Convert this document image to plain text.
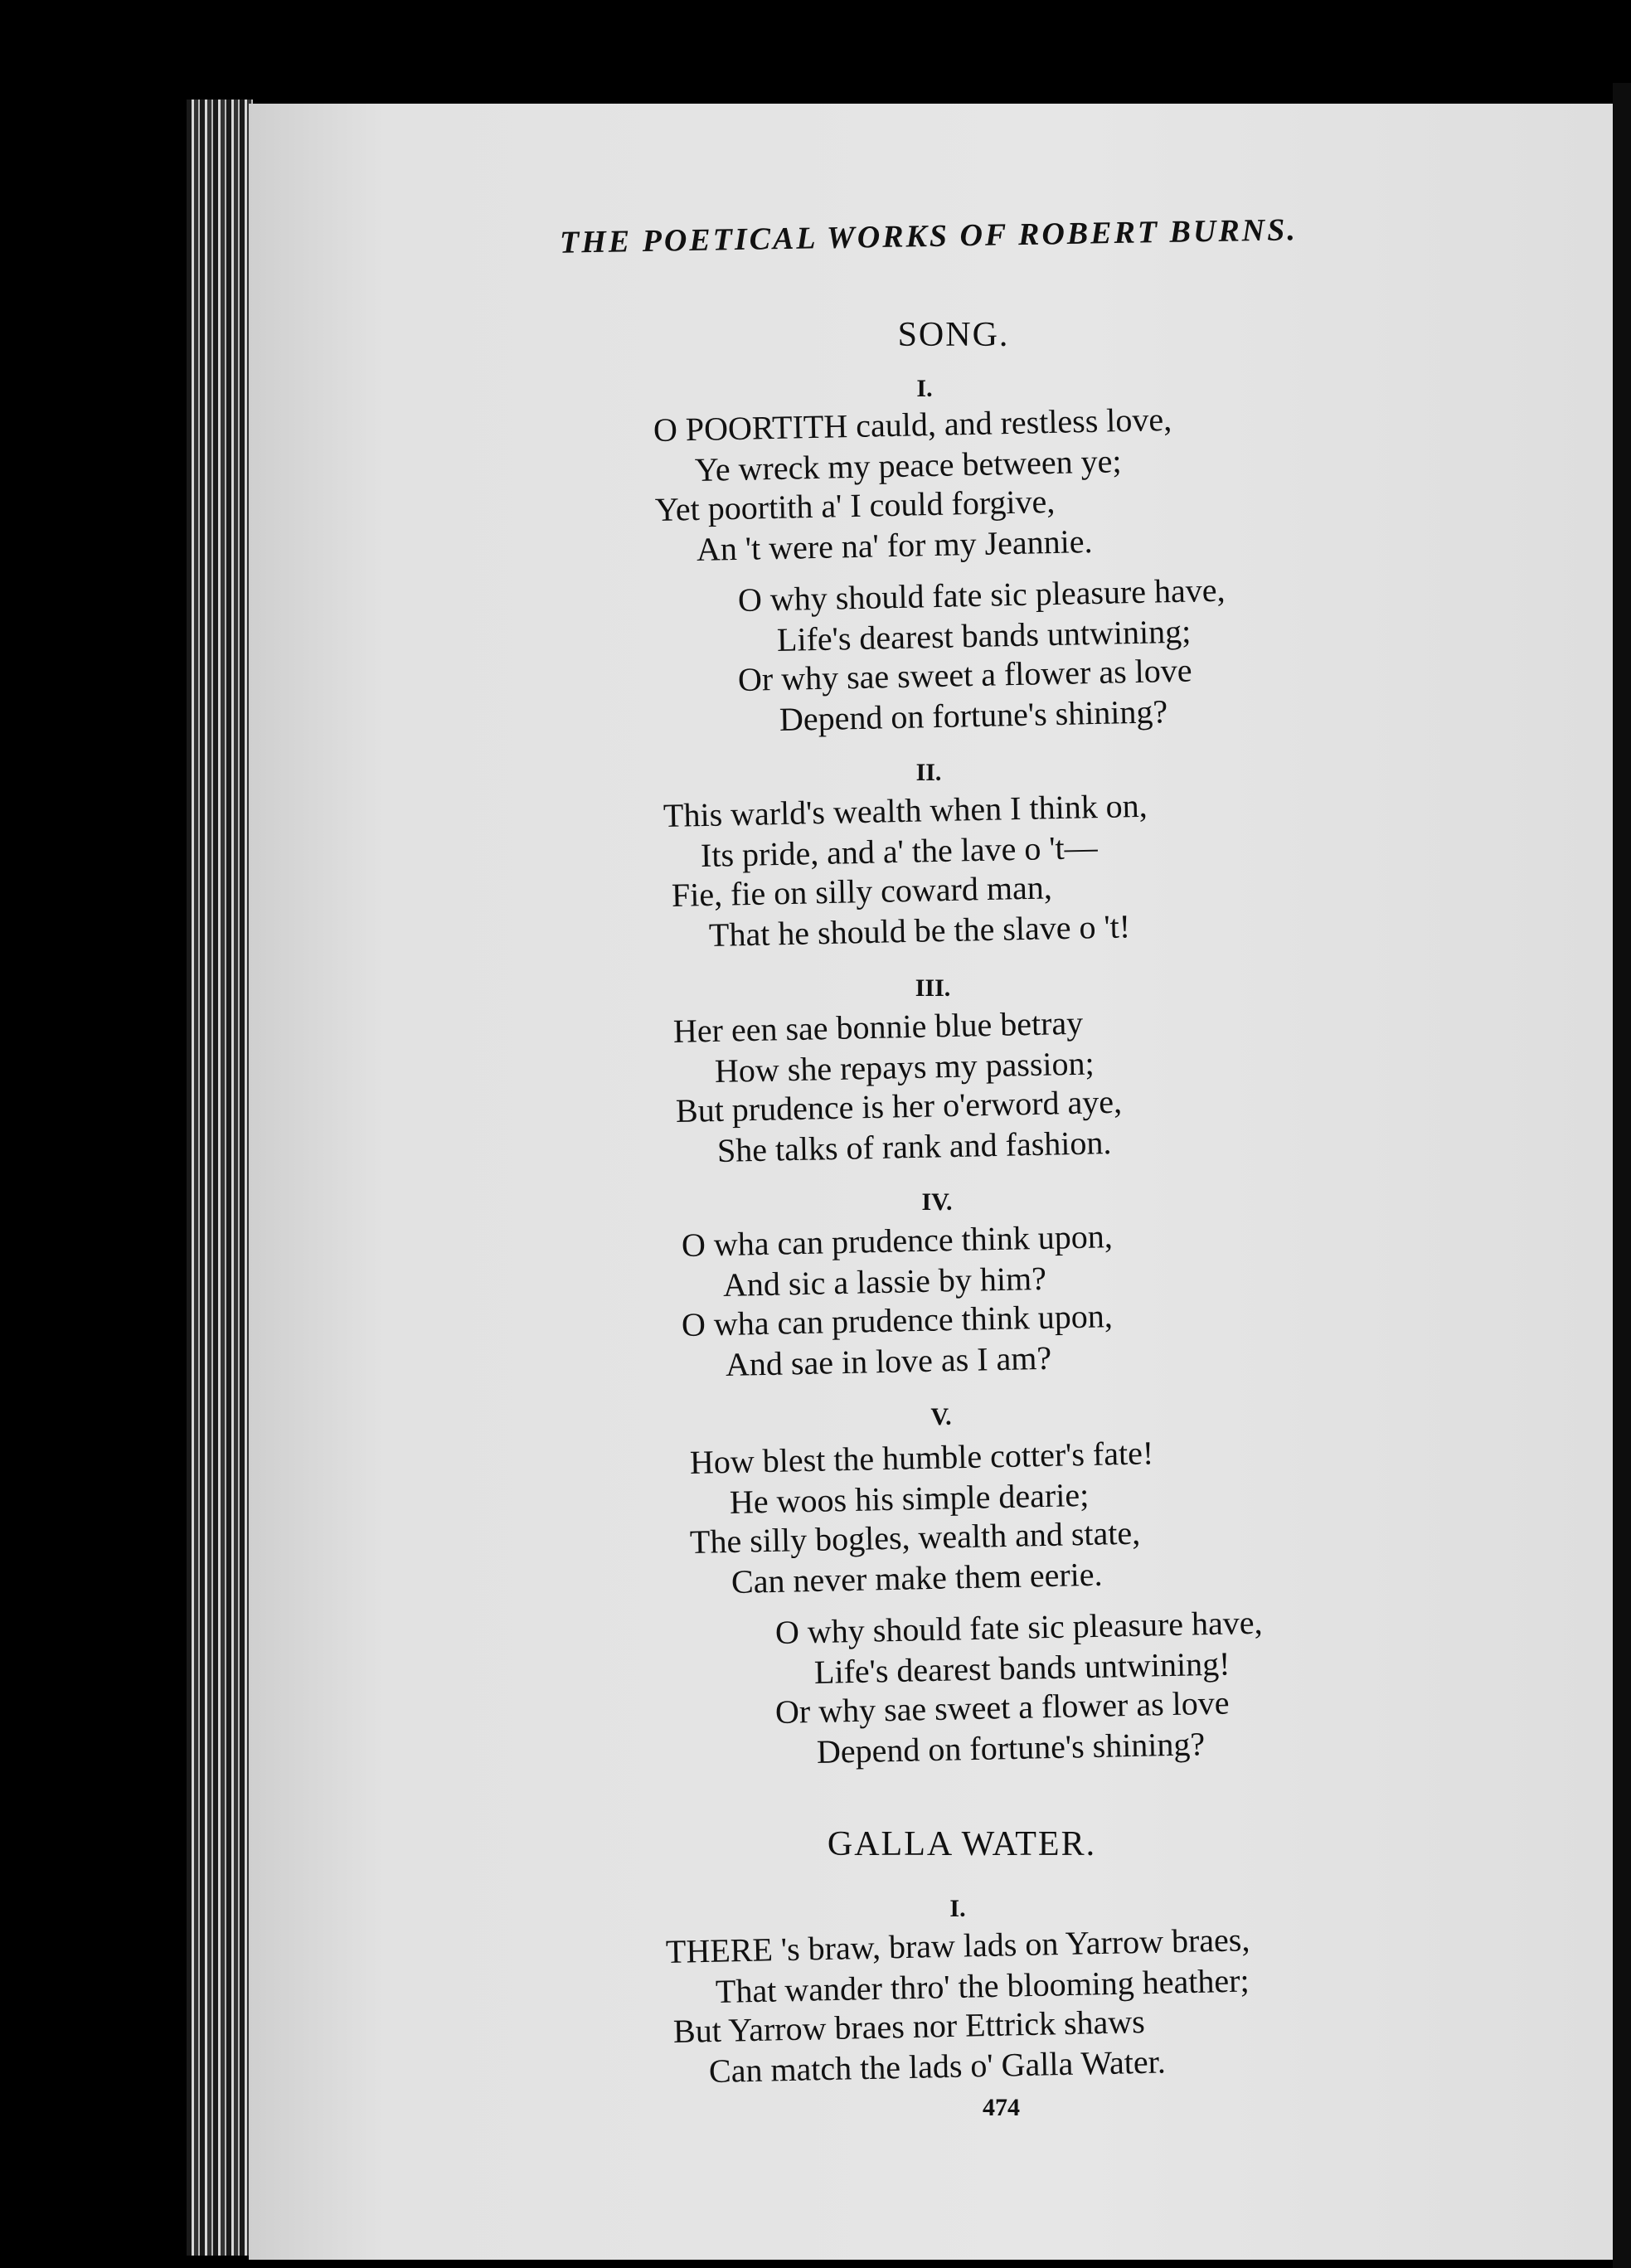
THE POETICAL WORKS OF ROBERT BURNS.
SONG.
I.
O POORTITH cauld, and restless love,
Ye wreck my peace between ye;
Yet poortith a' I could forgive,
An 't were na' for my Jeannie.
O why should fate sic pleasure have,
Life's dearest bands untwining;
Or why sae sweet a flower as love
Depend on fortune's shining?
II.
This warld's wealth when I think on,
Its pride, and a' the lave o 't—
Fie, fie on silly coward man,
That he should be the slave o 't!
III.
Her een sae bonnie blue betray
How she repays my passion;
But prudence is her o'erword aye,
She talks of rank and fashion.
IV.
O wha can prudence think upon,
And sic a lassie by him?
O wha can prudence think upon,
And sae in love as I am?
V.
How blest the humble cotter's fate!
He woos his simple dearie;
The silly bogles, wealth and state,
Can never make them eerie.
O why should fate sic pleasure have,
Life's dearest bands untwining!
Or why sae sweet a flower as love
Depend on fortune's shining?
GALLA WATER.
I.
THERE 's braw, braw lads on Yarrow braes,
That wander thro' the blooming heather;
But Yarrow braes nor Ettrick shaws
Can match the lads o' Galla Water.
474
